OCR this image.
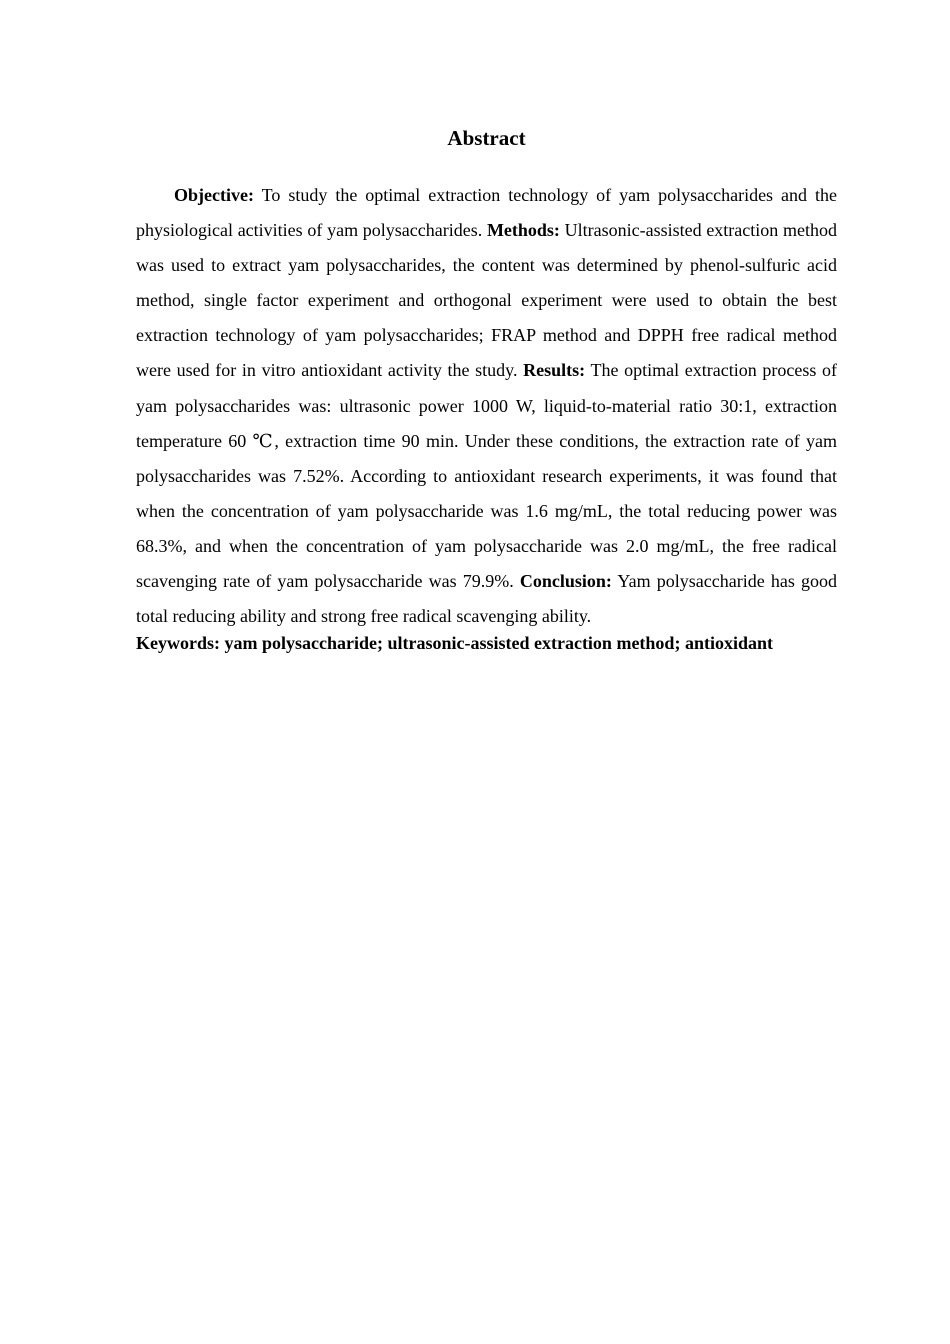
Abstract

Objective: To study the optimal extraction technology of yam polysaccharides and the physiological activities of yam polysaccharides. Methods: Ultrasonic-assisted extraction method was used to extract yam polysaccharides, the content was determined by phenol-sulfuric acid method, single factor experiment and orthogonal experiment were used to obtain the best extraction technology of yam polysaccharides; FRAP method and DPPH free radical method were used for in vitro antioxidant activity the study. Results: The optimal extraction process of yam polysaccharides was: ultrasonic power 1000 W, liquid-to-material ratio 30:1, extraction temperature 60 ℃, extraction time 90 min. Under these conditions, the extraction rate of yam polysaccharides was 7.52%. According to antioxidant research experiments, it was found that when the concentration of yam polysaccharide was 1.6 mg/mL, the total reducing power was 68.3%, and when the concentration of yam polysaccharide was 2.0 mg/mL, the free radical scavenging rate of yam polysaccharide was 79.9%. Conclusion: Yam polysaccharide has good total reducing ability and strong free radical scavenging ability.

Keywords: yam polysaccharide; ultrasonic-assisted extraction method; antioxidant
